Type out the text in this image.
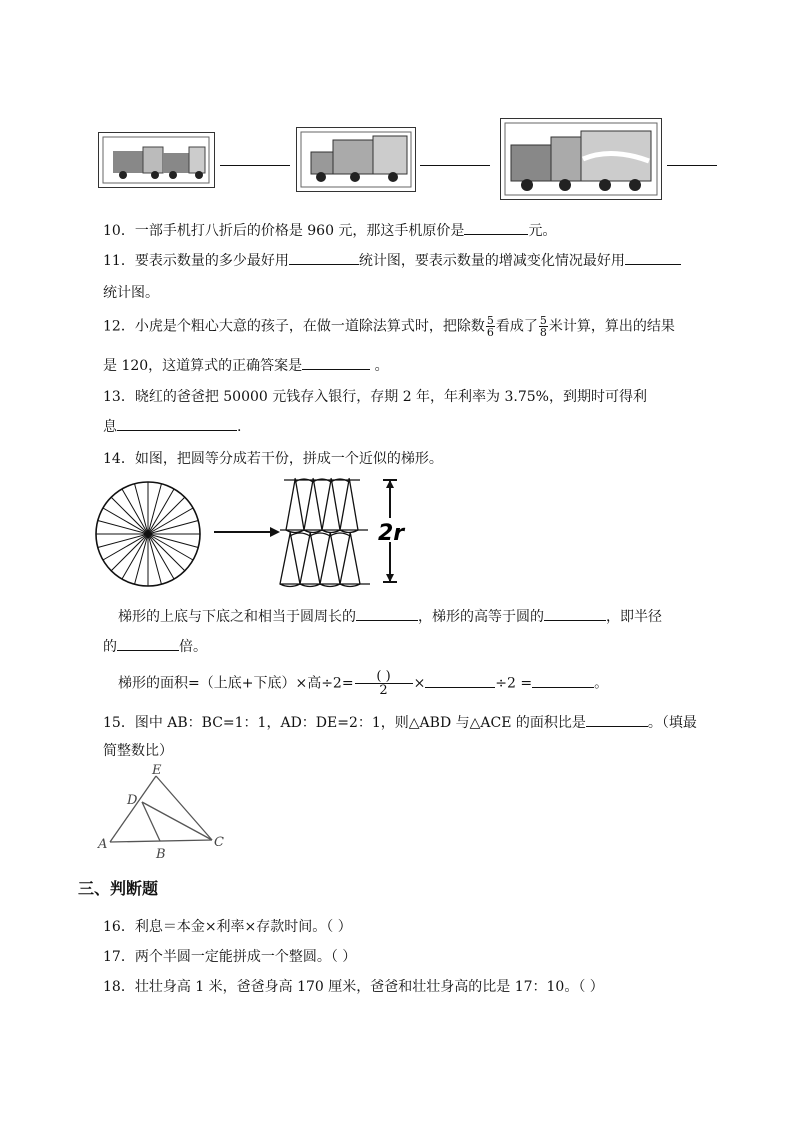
10．一部手机打八折后的价格是 960 元，那这手机原价是	元。
11．要表示数量的多少最好用	统计图，要表示数量的增减变化情况最好用
统计图。
12．小虎是个粗心大意的孩子，在做一道除法算式时，把除数 $\frac{5}{6}$ 看成了 $\frac{5}{8}$ 米计算，算出的结果
是 120，这道算式的正确答案是	。
13．晓红的爸爸把 50000 元钱存入银行，存期 2 年，年利率为 3.75%，到期时可得利
息	.
14．如图，把圆等分成若干份，拼成一个近似的梯形。
2r
梯形的上底与下底之和相当于圆周长的	，梯形的高等于圆的	，即半径
的	倍。
梯形的面积=（上底+下底）×高$\div 2= \frac{( )}{2}$ ×	÷2 =	。
15．图中 AB：BC=1：1，AD：DE=2：1，则△ABD 与△ACE 的面积比是	。（填最
简整数比）
A
B
C
D
E
三、判断题
16．利息＝本金×利率×存款时间。（ ）
17．两个半圆一定能拼成一个整圆。（ ）
18．壮壮身高 1 米，爸爸身高 170 厘米，爸爸和壮壮身高的比是 17：10。（ ）
